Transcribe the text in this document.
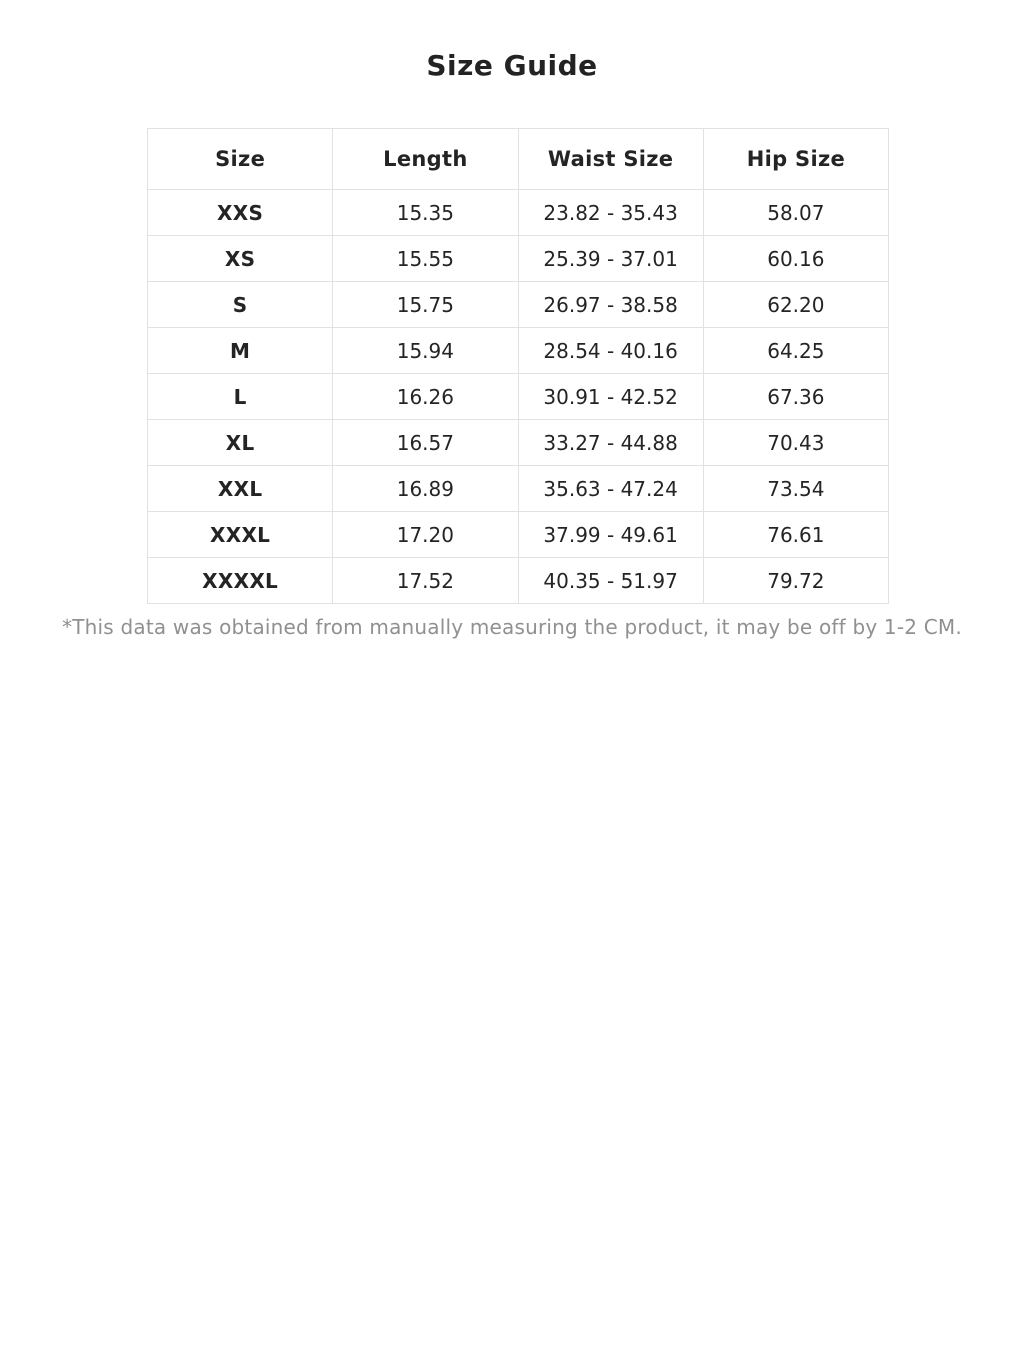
Size Guide
Size	Length	Waist Size	Hip Size
XXS	15.35	23.82 - 35.43	58.07
XS	15.55	25.39 - 37.01	60.16
S	15.75	26.97 - 38.58	62.20
M	15.94	28.54 - 40.16	64.25
L	16.26	30.91 - 42.52	67.36
XL	16.57	33.27 - 44.88	70.43
XXL	16.89	35.63 - 47.24	73.54
XXXL	17.20	37.99 - 49.61	76.61
XXXXL	17.52	40.35 - 51.97	79.72

*This data was obtained from manually measuring the product, it may be off by 1-2 CM.
